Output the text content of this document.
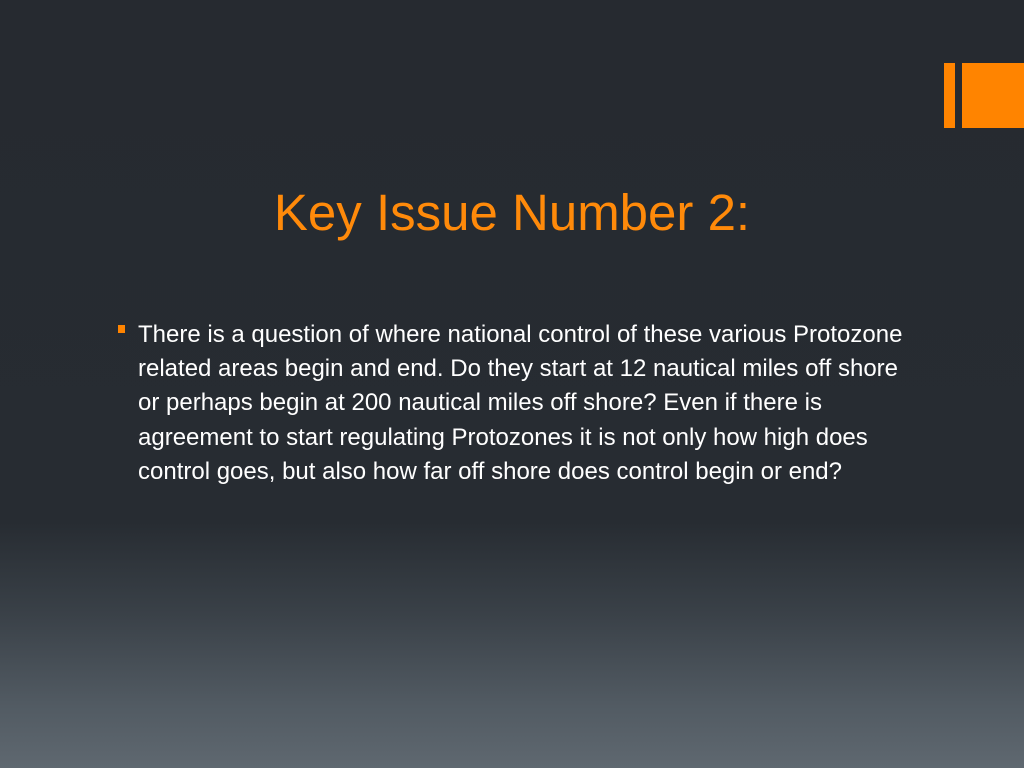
Key Issue Number 2:

There is a question of where national control of these various Protozone related areas begin and end. Do they start at 12 nautical miles off shore or perhaps begin at 200 nautical miles off shore? Even if there is agreement to start regulating Protozones it is not only how high does control goes, but also how far off shore does control begin or end?
